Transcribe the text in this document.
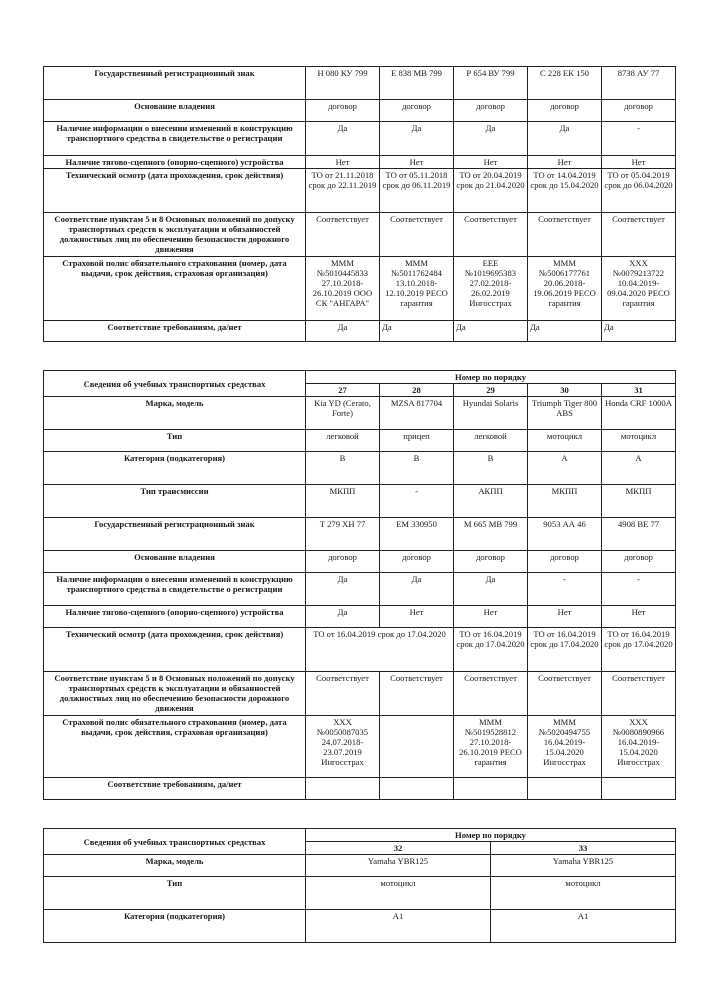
Государственный регистрационный знак	Н 080 КУ 799	Е 838 МВ 799	Р 654 ВУ 799	С 228 ЕК 150	8738 АУ 77
Основание владения	договор	договор	договор	договор	договор
Наличие информации о внесении изменений в конструкцию транспортного средства в свидетельстве о регистрации	Да	Да	Да	Да	-
Наличие тягово-сцепного (опорно-сцепного) устройства	Нет	Нет	Нет	Нет	Нет
Технический осмотр (дата прохождения, срок действия)	ТО от 21.11.2018 срок до 22.11.2019	ТО от 05.11.2018 срок до 06.11.2019	ТО от 20.04.2019 срок до 21.04.2020	ТО от 14.04.2019 срок до 15.04.2020	ТО от 05.04.2019 срок до 06.04.2020
Соответствие пунктам 5 и 8 Основных положений по допуску транспортных средств к эксплуатации и обязанностей должностных лиц по обеспечению безопасности дорожного движения	Соответствует	Соответствует	Соответствует	Соответствует	Соответствует
Страховой полис обязательного страхования (номер, дата выдачи, срок действия, страховая организация)	МММ №5010445833 27.10.2018-26.10.2019 ООО СК "АНГАРА"	МММ №5011762484 13.10.2018-12.10.2019 РЕСО гарантия	ЕЕЕ №1019695383 27.02.2018-26.02.2019 Ингосстрах	МММ №5006177761 20.06.2018-19.06.2019 РЕСО гарантия	ХХХ №0079213722 10.04.2019-09.04.2020 РЕСО гарантия
Соответствие требованиям, да/нет	Да	Да	Да	Да	Да
Сведения об учебных транспортных средствах	Номер по порядку				
	27	28	29	30	31
Марка, модель	Kia YD (Cerato, Forte)	MZSA 817704	Hyundai Solaris	Triumph Tiger 800 ABS	Honda CRF 1000A
Тип	легковой	прицеп	легковой	мотоцикл	мотоцикл
Категория (подкатегория)	B	B	B	A	A
Тип трансмиссии	МКПП	-	АКПП	МКПП	МКПП
Государственный регистрационный знак	Т 279 ХН 77	ЕМ 330950	М 665 МВ 799	9053 АА 46	4908 ВЕ 77
Основание владения	договор	договор	договор	договор	договор
Наличие информации о внесении изменений в конструкцию транспортного средства в свидетельстве о регистрации	Да	Да	Да	-	-
Наличие тягово-сцепного (опорно-сцепного) устройства	Да	Нет	Нет	Нет	Нет
Технический осмотр (дата прохождения, срок действия)	ТО от 16.04.2019 срок до 17.04.2020		ТО от 16.04.2019 срок до 17.04.2020	ТО от 16.04.2019 срок до 17.04.2020	ТО от 16.04.2019 срок до 17.04.2020
Соответствие пунктам 5 и 8 Основных положений по допуску транспортных средств к эксплуатации и обязанностей должностных лиц по обеспечению безопасности дорожного движения	Соответствует	Соответствует	Соответствует	Соответствует	Соответствует
Страховой полис обязательного страхования (номер, дата выдачи, срок действия, страховая организация)	ХХХ №0050087035 24.07.2018-23.07.2019 Ингосстрах		МММ №5019528812 27.10.2018-26.10.2019 РЕСО гарантия	МММ №5020494755 16.04.2019-15.04.2020 Ингосстрах	ХХХ №0080890966 16.04.2019-15.04.2020 Ингосстрах
Соответствие требованиям, да/нет					
Сведения об учебных транспортных средствах	Номер по порядку	
	32	33
Марка, модель	Yamaha YBR125	Yamaha YBR125
Тип	мотоцикл	мотоцикл
Категория (подкатегория)	A1	A1
